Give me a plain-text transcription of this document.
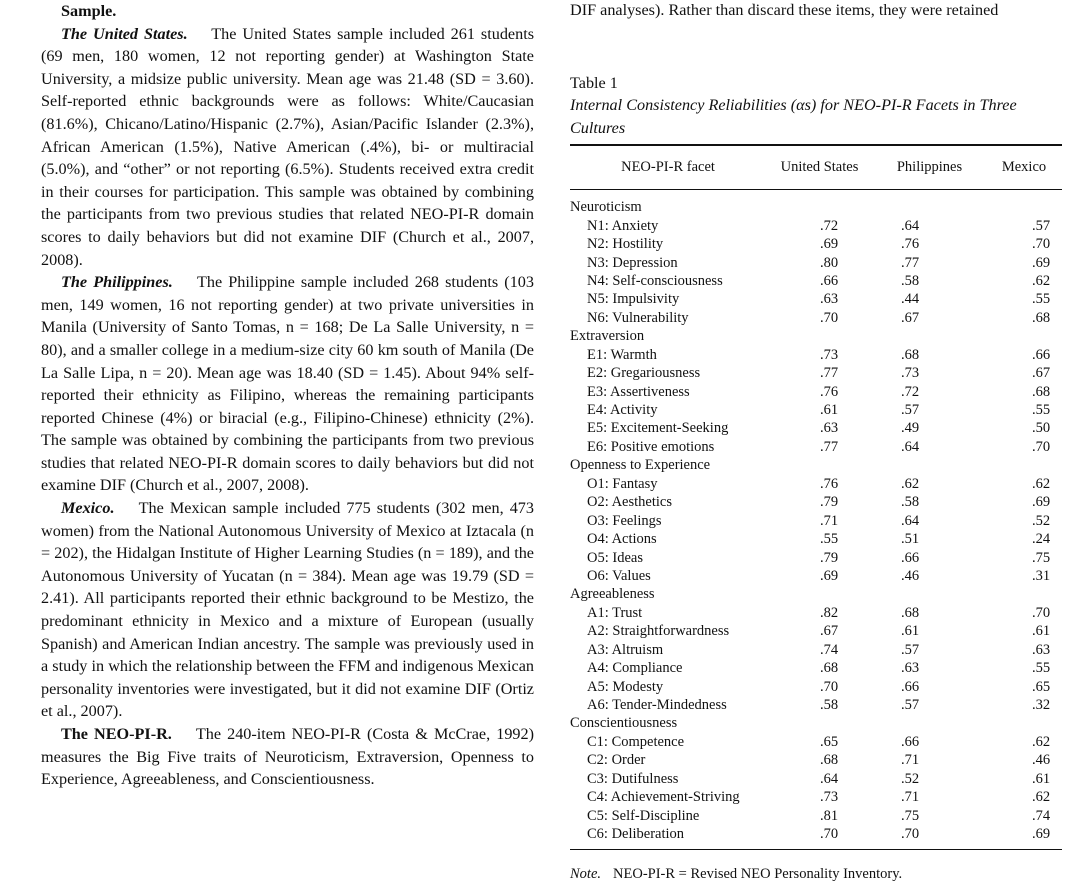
Sample.

The United States. The United States sample included 261 students (69 men, 180 women, 12 not reporting gender) at Washington State University, a midsize public university. Mean age was 21.48 (SD = 3.60). Self-reported ethnic backgrounds were as follows: White/Caucasian (81.6%), Chicano/Latino/Hispanic (2.7%), Asian/Pacific Islander (2.3%), African American (1.5%), Native American (.4%), bi- or multiracial (5.0%), and “other” or not reporting (6.5%). Students received extra credit in their courses for participation. This sample was obtained by combining the participants from two previous studies that related NEO-PI-R domain scores to daily behaviors but did not examine DIF (Church et al., 2007, 2008).

The Philippines. The Philippine sample included 268 students (103 men, 149 women, 16 not reporting gender) at two private universities in Manila (University of Santo Tomas, n = 168; De La Salle University, n = 80), and a smaller college in a medium-size city 60 km south of Manila (De La Salle Lipa, n = 20). Mean age was 18.40 (SD = 1.45). About 94% self-reported their ethnicity as Filipino, whereas the remaining participants reported Chinese (4%) or biracial (e.g., Filipino-Chinese) ethnicity (2%). The sample was obtained by combining the participants from two previous studies that related NEO-PI-R domain scores to daily behaviors but did not examine DIF (Church et al., 2007, 2008).

Mexico. The Mexican sample included 775 students (302 men, 473 women) from the National Autonomous University of Mexico at Iztacala (n = 202), the Hidalgan Institute of Higher Learning Studies (n = 189), and the Autonomous University of Yucatan (n = 384). Mean age was 19.79 (SD = 2.41). All participants reported their ethnic background to be Mestizo, the predominant ethnicity in Mexico and a mixture of European (usually Spanish) and American Indian ancestry. The sample was previously used in a study in which the relationship between the FFM and indigenous Mexican personality inventories were investigated, but it did not examine DIF (Ortiz et al., 2007).

The NEO-PI-R. The 240-item NEO-PI-R (Costa & McCrae, 1992) measures the Big Five traits of Neuroticism, Extraversion, Openness to Experience, Agreeableness, and Conscientiousness.

DIF analyses). Rather than discard these items, they were retained

Table 1

Internal Consistency Reliabilities (αs) for NEO-PI-R Facets in Three Cultures

NEO-PI-R facet	United States	Philippines	Mexico
Neuroticism			
N1: Anxiety	.72	.64	.57
N2: Hostility	.69	.76	.70
N3: Depression	.80	.77	.69
N4: Self-consciousness	.66	.58	.62
N5: Impulsivity	.63	.44	.55
N6: Vulnerability	.70	.67	.68
Extraversion			
E1: Warmth	.73	.68	.66
E2: Gregariousness	.77	.73	.67
E3: Assertiveness	.76	.72	.68
E4: Activity	.61	.57	.55
E5: Excitement-Seeking	.63	.49	.50
E6: Positive emotions	.77	.64	.70
Openness to Experience			
O1: Fantasy	.76	.62	.62
O2: Aesthetics	.79	.58	.69
O3: Feelings	.71	.64	.52
O4: Actions	.55	.51	.24
O5: Ideas	.79	.66	.75
O6: Values	.69	.46	.31
Agreeableness			
A1: Trust	.82	.68	.70
A2: Straightforwardness	.67	.61	.61
A3: Altruism	.74	.57	.63
A4: Compliance	.68	.63	.55
A5: Modesty	.70	.66	.65
A6: Tender-Mindedness	.58	.57	.32
Conscientiousness			
C1: Competence	.65	.66	.62
C2: Order	.68	.71	.46
C3: Dutifulness	.64	.52	.61
C4: Achievement-Striving	.73	.71	.62
C5: Self-Discipline	.81	.75	.74
C6: Deliberation	.70	.70	.69

Note. NEO-PI-R = Revised NEO Personality Inventory.
